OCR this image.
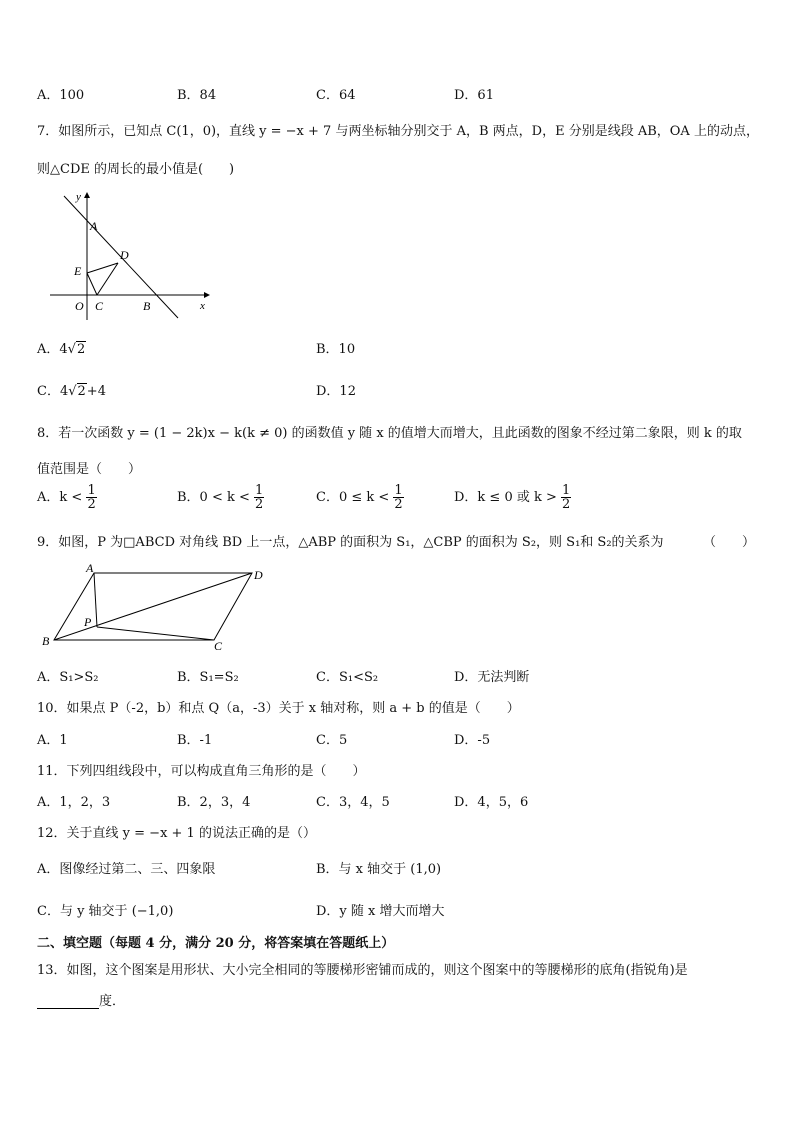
A．100	B．84	C．64	D．61
7．如图所示，已知点 C(1，0)，直线 y = −x + 7 与两坐标轴分别交于 A，B 两点，D，E 分别是线段 AB，OA 上的动点，
则△CDE 的周长的最小值是(　　)
y
A
D
E
O C	B	x
A．4√2	B．10
C．4√2+4	D．12
8．若一次函数 y = (1 − 2k)x − k(k ≠ 0) 的函数值 y 随 x 的值增大而增大，且此函数的图象不经过第二象限，则 k 的取
值范围是（　　）
A．$k < \frac{1}{2}$	B．$0 < k < \frac{1}{2}$	C．$0 \le k < \frac{1}{2}$	D．k ≤ 0 或 $k > \frac{1}{2}$
9．如图，P 为□ABCD 对角线 BD 上一点，△ABP 的面积为 S₁，△CBP 的面积为 S₂，则 S₁和 S₂的关系为	（　　）
A	D
P
B	C
A．S₁>S₂	B．S₁=S₂	C．S₁<S₂	D．无法判断
10．如果点 P（-2，b）和点 Q（a，-3）关于 x 轴对称，则 a + b 的值是（　　）
A．1	B．-1	C．5	D．-5
11．下列四组线段中，可以构成直角三角形的是（　　）
A．1，2，3	B．2，3，4	C．3，4，5	D．4，5，6
12．关于直线 y = −x + 1 的说法正确的是（）
A．图像经过第二、三、四象限	B．与 x 轴交于 (1,0)
C．与 y 轴交于 (−1,0)	D．y 随 x 增大而增大
二、填空题（每题 4 分，满分 20 分，将答案填在答题纸上）
13．如图，这个图案是用形状、大小完全相同的等腰梯形密铺而成的，则这个图案中的等腰梯形的底角(指锐角)是
度．
